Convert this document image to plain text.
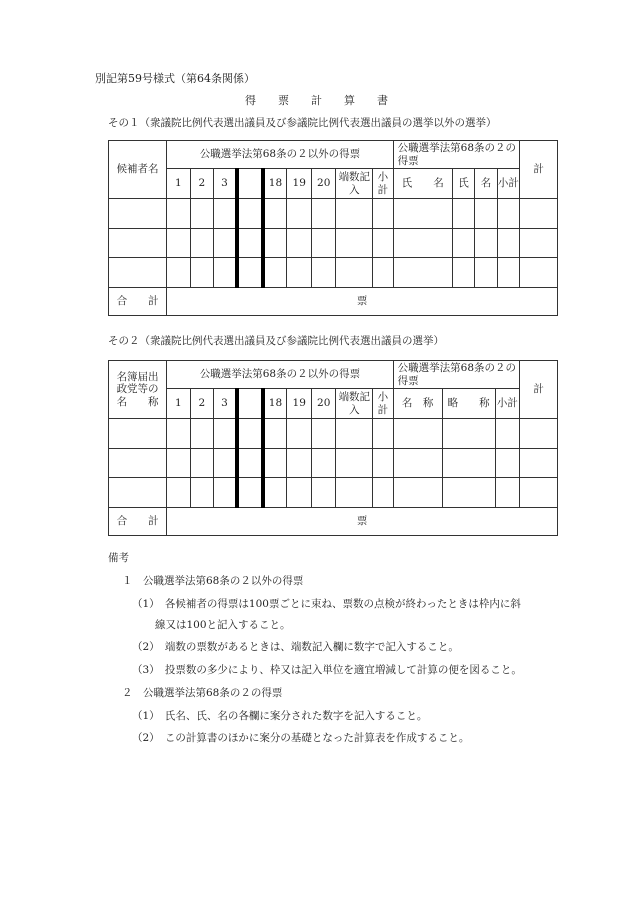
別記第59号様式（第64条関係）
得　　票　　計　　算　　書
その１（衆議院比例代表選出議員及び参議院比例代表選出議員の選挙以外の選挙）
候補者名	公職選挙法第68条の２以外の得票									公職選挙法第68条の２の得票				計
	1	2	3		18	19	20	端数記入	小計	氏　　名	氏	名	小計	

合　　計	票													
その２（衆議院比例代表選出議員及び参議院比例代表選出議員の選挙）
名簿届出政党等の名　　称	公職選挙法第68条の２以外の得票									公職選挙法第68条の２の得票			計
	1	2	3		18	19	20	端数記入	小計	名　称	略　　称	小計	

合　　計	票												
備考
１　公職選挙法第68条の２以外の得票
（1）　各候補者の得票は100票ごとに束ね、票数の点検が終わったときは枠内に斜
線又は100と記入すること。
（2）　端数の票数があるときは、端数記入欄に数字で記入すること。
（3）　投票数の多少により、枠又は記入単位を適宜増減して計算の便を図ること。
２　公職選挙法第68条の２の得票
（1）　氏名、氏、名の各欄に案分された数字を記入すること。
（2）　この計算書のほかに案分の基礎となった計算表を作成すること。
